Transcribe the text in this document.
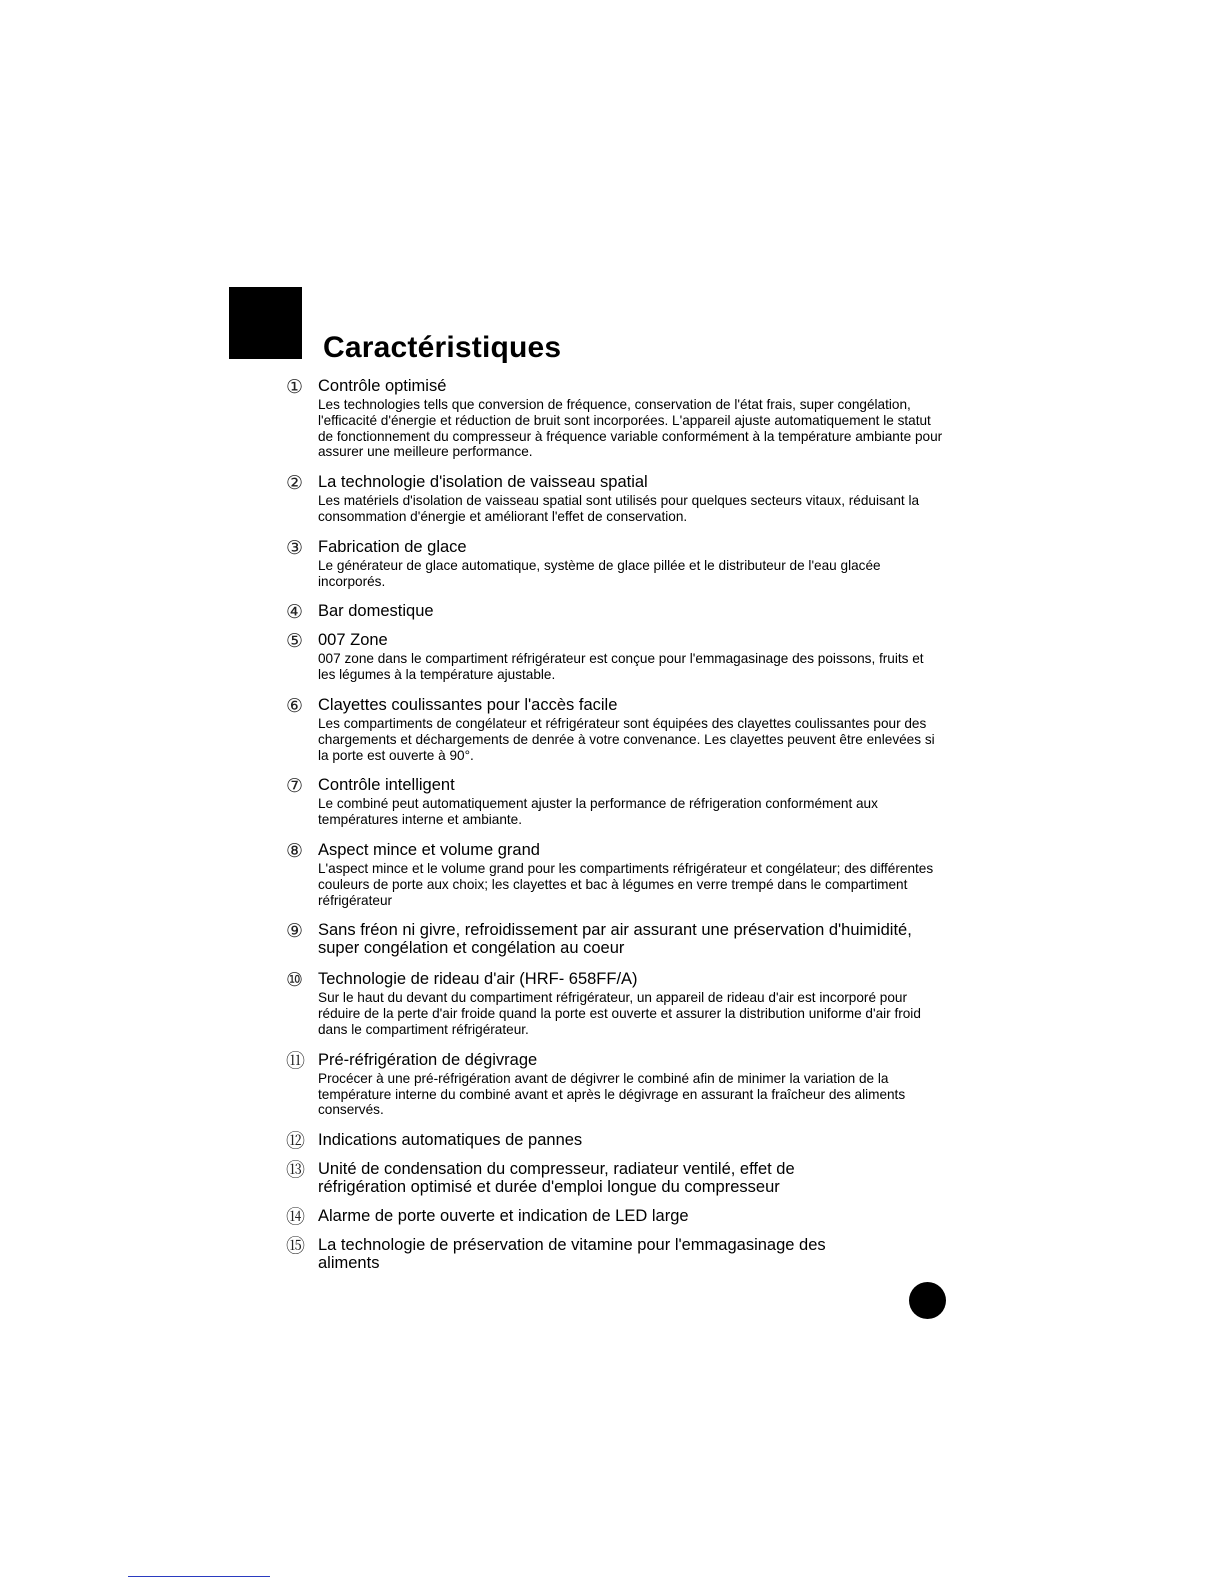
Caractéristiques
① Contrôle optimisé
Les technologies tells que conversion de fréquence, conservation de l'état frais, super congélation, l'efficacité d'énergie et réduction de bruit sont incorporées. L'appareil ajuste automatiquement le statut de fonctionnement du compresseur à fréquence variable conformément à la température ambiante pour assurer une meilleure performance.
② La technologie d'isolation de vaisseau spatial
Les matériels d'isolation de vaisseau spatial sont utilisés pour quelques secteurs vitaux, réduisant la consommation d'énergie et améliorant l'effet de conservation.
③ Fabrication de glace
Le générateur de glace automatique, système de glace pillée et le distributeur de l'eau glacée incorporés.
④ Bar domestique
⑤ 007 Zone
007 zone dans le compartiment réfrigérateur est conçue pour l'emmagasinage des poissons, fruits et les légumes à la température ajustable.
⑥ Clayettes coulissantes pour l'accès facile
Les compartiments de congélateur et réfrigérateur sont équipées des clayettes coulissantes pour des chargements et déchargements de denrée à votre convenance. Les clayettes peuvent être enlevées si la porte est ouverte à 90°.
⑦ Contrôle intelligent
Le combiné peut automatiquement ajuster la performance de réfrigeration conformément aux températures interne et ambiante.
⑧ Aspect mince et volume grand
L'aspect mince et le volume grand pour les compartiments réfrigérateur et congélateur; des différentes couleurs de porte aux choix; les clayettes et bac à légumes en verre trempé dans le compartiment réfrigérateur
⑨ Sans fréon ni givre, refroidissement par air assurant une préservation d'huimidité, super congélation et congélation au coeur
⑩ Technologie de rideau d'air (HRF- 658FF/A)
Sur le haut du devant du compartiment réfrigérateur, un appareil de rideau d'air est incorporé pour réduire de la perte d'air froide quand la porte est ouverte et assurer la distribution uniforme d'air froid dans le compartiment réfrigérateur.
⑪ Pré-réfrigération de dégivrage
Procécer à une pré-réfrigération avant de dégivrer le combiné afin de minimer la variation de la température interne du combiné avant et après le dégivrage en assurant la fraîcheur des aliments conservés.
⑫ Indications automatiques de pannes
⑬ Unité de condensation du compresseur, radiateur ventilé, effet de réfrigération optimisé et durée d'emploi longue du compresseur
⑭ Alarme de porte ouverte et indication de LED large
⑮ La technologie de préservation de vitamine pour l'emmagasinage des aliments
